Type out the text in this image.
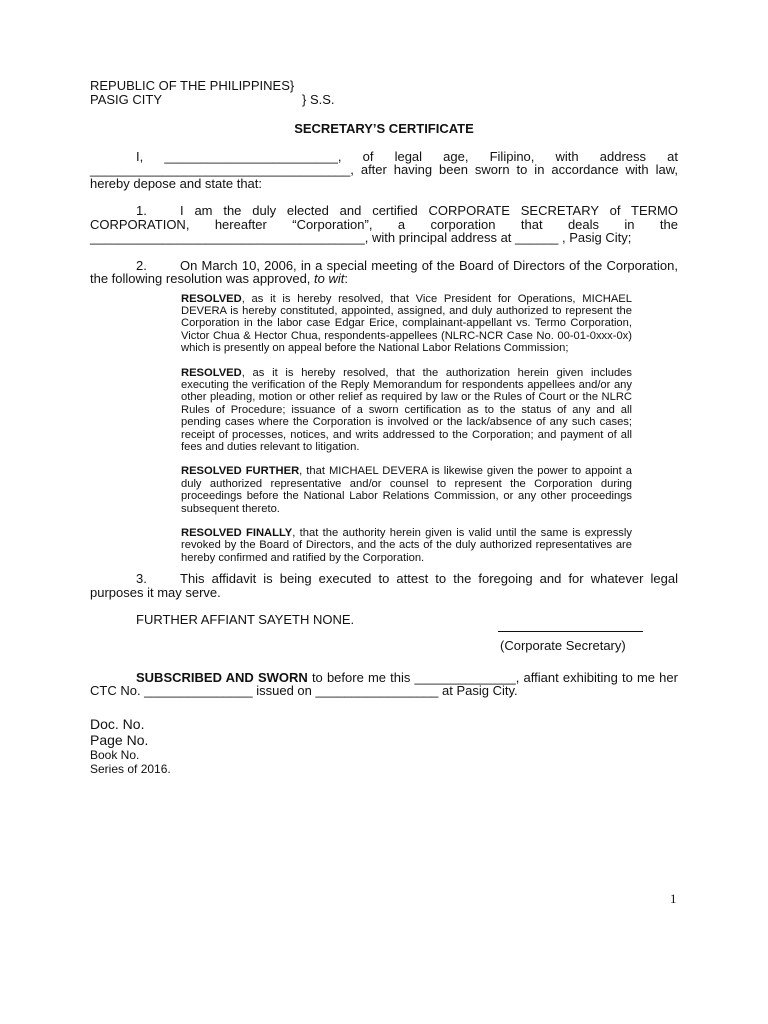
REPUBLIC OF THE PHILIPPINES}

PASIG CITY	} S.S.

SECRETARY’S CERTIFICATE

I, ________________________, of legal age, Filipino, with address at ____________________________________, after having been sworn to in accordance with law, hereby depose and state that:

1.	I am the duly elected and certified CORPORATE SECRETARY of TERMO CORPORATION, hereafter “Corporation”, a corporation that deals in the ______________________________________, with principal address at ______ , Pasig City;

2.	On March 10, 2006, in a special meeting of the Board of Directors of the Corporation, the following resolution was approved, to wit:

RESOLVED, as it is hereby resolved, that Vice President for Operations, MICHAEL DEVERA is hereby constituted, appointed, assigned, and duly authorized to represent the Corporation in the labor case Edgar Erice, complainant-appellant vs. Termo Corporation, Victor Chua & Hector Chua, respondents-appellees (NLRC-NCR Case No. 00-01-0xxx-0x) which is presently on appeal before the National Labor Relations Commission;

RESOLVED, as it is hereby resolved, that the authorization herein given includes executing the verification of the Reply Memorandum for respondents appellees and/or any other pleading, motion or other relief as required by law or the Rules of Court or the NLRC Rules of Procedure; issuance of a sworn certification as to the status of any and all pending cases where the Corporation is involved or the lack/absence of any such cases; receipt of processes, notices, and writs addressed to the Corporation; and payment of all fees and duties relevant to litigation.

RESOLVED FURTHER, that MICHAEL DEVERA is likewise given the power to appoint a duly authorized representative and/or counsel to represent the Corporation during proceedings before the National Labor Relations Commission, or any other proceedings subsequent thereto.

RESOLVED FINALLY, that the authority herein given is valid until the same is expressly revoked by the Board of Directors, and the acts of the duly authorized representatives are hereby confirmed and ratified by the Corporation.

3.	This affidavit is being executed to attest to the foregoing and for whatever legal purposes it may serve.

FURTHER AFFIANT SAYETH NONE.

(Corporate Secretary)

SUBSCRIBED AND SWORN to before me this ______________, affiant exhibiting to me her CTC No. _______________ issued on _________________ at Pasig City.

Doc. No.
Page No.
Book No.
Series of 2016.
1
